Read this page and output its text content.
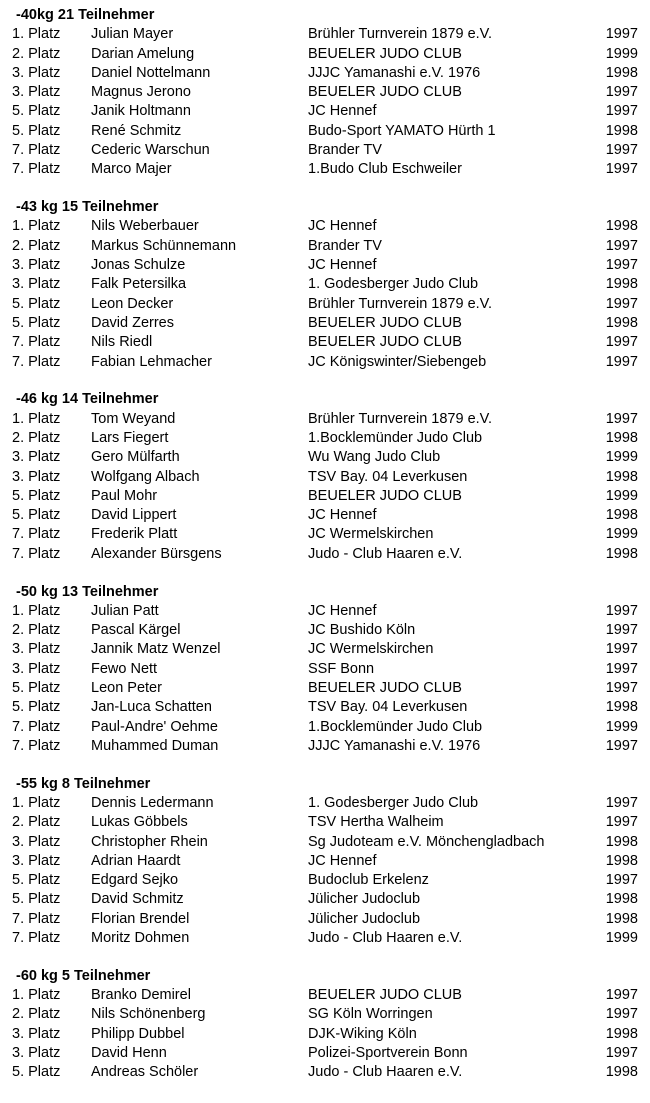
-40kg 21 Teilnehmer
1. Platz Julian Mayer	Brühler Turnverein 1879 e.V.	1997
2. Platz Darian Amelung	BEUELER JUDO CLUB	1999
3. Platz Daniel Nottelmann	JJJC Yamanashi e.V. 1976	1998
3. Platz Magnus Jerono	BEUELER JUDO CLUB	1997
5. Platz Janik Holtmann	JC Hennef	1997
5. Platz René Schmitz	Budo-Sport YAMATO Hürth 1	1998
7. Platz Cederic Warschun	Brander TV	1997
7. Platz Marco Majer	1.Budo Club Eschweiler	1997
-43 kg 15 Teilnehmer
1. Platz Nils Weberbauer	JC Hennef	1998
2. Platz Markus Schünnemann	Brander TV	1997
3. Platz Jonas Schulze	JC Hennef	1997
3. Platz Falk Petersilka	1. Godesberger Judo Club	1998
5. Platz Leon Decker	Brühler Turnverein 1879 e.V.	1997
5. Platz David Zerres	BEUELER JUDO CLUB	1998
7. Platz Nils Riedl	BEUELER JUDO CLUB	1997
7. Platz Fabian Lehmacher	JC Königswinter/Siebengeb	1997
-46 kg 14 Teilnehmer
1. Platz Tom Weyand	Brühler Turnverein 1879 e.V.	1997
2. Platz Lars Fiegert	1.Bocklemünder Judo Club	1998
3. Platz Gero Mülfarth	Wu Wang Judo Club	1999
3. Platz Wolfgang Albach	TSV Bay. 04 Leverkusen	1998
5. Platz Paul Mohr	BEUELER JUDO CLUB	1999
5. Platz David Lippert	JC Hennef	1998
7. Platz Frederik Platt	JC Wermelskirchen	1999
7. Platz Alexander Bürsgens	Judo - Club Haaren e.V.	1998
-50 kg 13 Teilnehmer
1. Platz Julian Patt	JC Hennef	1997
2. Platz Pascal Kärgel	JC Bushido Köln	1997
3. Platz Jannik Matz Wenzel	JC Wermelskirchen	1997
3. Platz Fewo Nett	SSF Bonn	1997
5. Platz Leon Peter	BEUELER JUDO CLUB	1997
5. Platz Jan-Luca Schatten	TSV Bay. 04 Leverkusen	1998
7. Platz Paul-Andre' Oehme	1.Bocklemünder Judo Club	1999
7. Platz Muhammed Duman	JJJC Yamanashi e.V. 1976	1997
-55 kg 8 Teilnehmer
1. Platz Dennis Ledermann	1. Godesberger Judo Club	1997
2. Platz Lukas Göbbels	TSV Hertha Walheim	1997
3. Platz Christopher Rhein	Sg Judoteam e.V. Mönchengladbach	1998
3. Platz Adrian Haardt	JC Hennef	1998
5. Platz Edgard Sejko	Budoclub Erkelenz	1997
5. Platz David Schmitz	Jülicher Judoclub	1998
7. Platz Florian Brendel	Jülicher Judoclub	1998
7. Platz Moritz Dohmen	Judo - Club Haaren e.V.	1999
-60 kg 5 Teilnehmer
1. Platz Branko Demirel	BEUELER JUDO CLUB	1997
2. Platz Nils Schönenberg	SG Köln Worringen	1997
3. Platz Philipp Dubbel	DJK-Wiking Köln	1998
3. Platz David Henn	Polizei-Sportverein Bonn	1997
5. Platz Andreas Schöler	Judo - Club Haaren e.V.	1998
